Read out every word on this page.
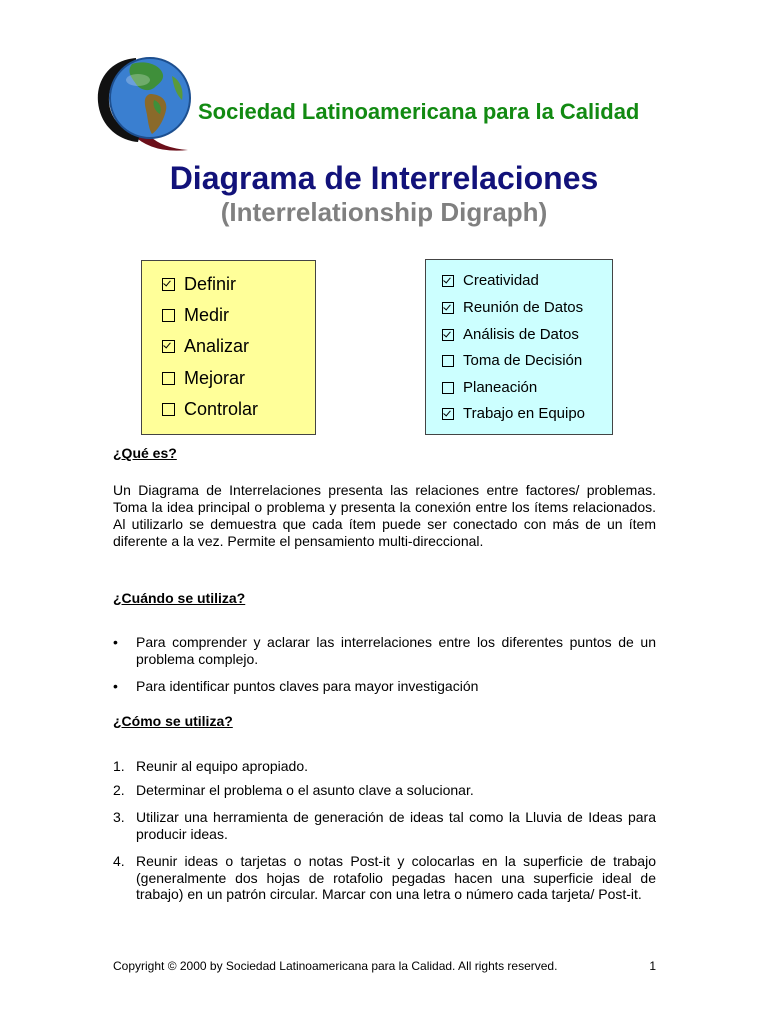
Sociedad Latinoamericana para la Calidad
Diagrama de Interrelaciones
(Interrelationship Digraph)
Definir
Medir
Analizar
Mejorar
Controlar
Creatividad
Reunión de Datos
Análisis de Datos
Toma de Decisión
Planeación
Trabajo en Equipo
¿Qué es?
Un Diagrama de Interrelaciones presenta las relaciones entre factores/ problemas. Toma la idea principal o problema y presenta la conexión entre los ítems relacionados. Al utilizarlo se demuestra que cada ítem puede ser conectado con más de un ítem diferente a la vez. Permite el pensamiento multi-direccional.
¿Cuándo se utiliza?
• Para comprender y aclarar las interrelaciones entre los diferentes puntos de un problema complejo.
• Para identificar puntos claves para mayor investigación
¿Cómo se utiliza?
1. Reunir al equipo apropiado.
2. Determinar el problema o el asunto clave a solucionar.
3. Utilizar una herramienta de generación de ideas tal como la Lluvia de Ideas para producir ideas.
4. Reunir ideas o tarjetas o notas Post-it y colocarlas en la superficie de trabajo (generalmente dos hojas de rotafolio pegadas hacen una superficie ideal de trabajo) en un patrón circular. Marcar con una letra o número cada tarjeta/ Post-it.
Copyright © 2000 by Sociedad Latinoamericana para la Calidad. All rights reserved.	1
